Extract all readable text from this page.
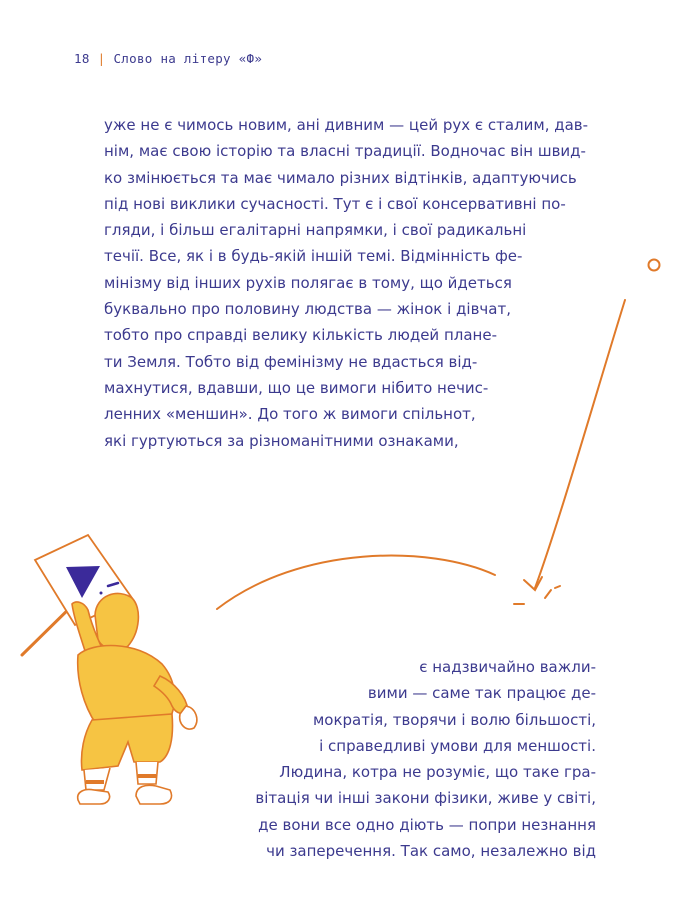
18 | Слово на літеру «Ф»
уже не є чимось новим, ані дивним — цей рух є сталим, дав-
нім, має свою історію та власні традиції. Водночас він швид-
ко змінюється та має чимало різних відтінків, адаптуючись
під нові виклики сучасності. Тут є і свої консервативні по-
гляди, і більш егалітарні напрямки, і свої радикальні
течії. Все, як і в будь-якій іншій темі. Відмінність фе-
мінізму від інших рухів полягає в тому, що йдеться
буквально про половину людства — жінок і дівчат,
тобто про справді велику кількість людей плане-
ти Земля. Тобто від фемінізму не вдасться від-
махнутися, вдавши, що це вимоги нібито нечис-
ленних «меншин». До того ж вимоги спільнот,
які гуртуються за різноманітними ознаками,
є надзвичайно важли-
вими — саме так працює де-
мократія, творячи і волю більшості,
і справедливі умови для меншості.
Людина, котра не розуміє, що таке гра-
вітація чи інші закони фізики, живе у світі,
де вони все одно діють — попри незнання
чи заперечення. Так само, незалежно від
